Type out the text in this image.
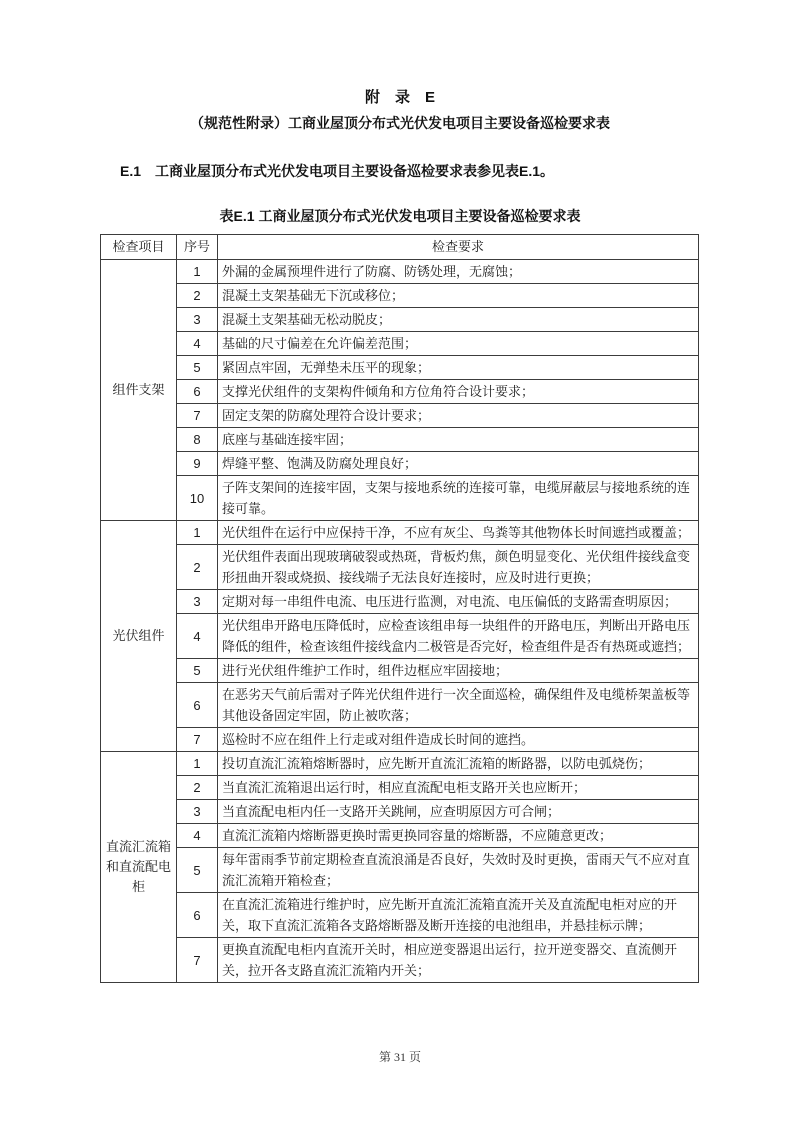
附　录　E
（规范性附录）工商业屋顶分布式光伏发电项目主要设备巡检要求表

E.1 工商业屋顶分布式光伏发电项目主要设备巡检要求表参见表E.1。

表E.1 工商业屋顶分布式光伏发电项目主要设备巡检要求表
检查项目	序号	检查要求
组件支架	1	外漏的金属预埋件进行了防腐、防锈处理，无腐蚀；
	2	混凝土支架基础无下沉或移位；
	3	混凝土支架基础无松动脱皮；
	4	基础的尺寸偏差在允许偏差范围；
	5	紧固点牢固，无弹垫未压平的现象；
	6	支撑光伏组件的支架构件倾角和方位角符合设计要求；
	7	固定支架的防腐处理符合设计要求；
	8	底座与基础连接牢固；
	9	焊缝平整、饱满及防腐处理良好；
	10	子阵支架间的连接牢固，支架与接地系统的连接可靠，电缆屏蔽层与接地系统的连接可靠。
光伏组件	1	光伏组件在运行中应保持干净，不应有灰尘、鸟粪等其他物体长时间遮挡或覆盖；
	2	光伏组件表面出现玻璃破裂或热斑，背板灼焦，颜色明显变化、光伏组件接线盒变形扭曲开裂或烧损、接线端子无法良好连接时，应及时进行更换；
	3	定期对每一串组件电流、电压进行监测，对电流、电压偏低的支路需查明原因；
	4	光伏组串开路电压降低时，应检查该组串每一块组件的开路电压，判断出开路电压降低的组件，检查该组件接线盒内二极管是否完好，检查组件是否有热斑或遮挡；
	5	进行光伏组件维护工作时，组件边框应牢固接地；
	6	在恶劣天气前后需对子阵光伏组件进行一次全面巡检，确保组件及电缆桥架盖板等其他设备固定牢固，防止被吹落；
	7	巡检时不应在组件上行走或对组件造成长时间的遮挡。
直流汇流箱和直流配电柜	1	投切直流汇流箱熔断器时，应先断开直流汇流箱的断路器，以防电弧烧伤；
	2	当直流汇流箱退出运行时，相应直流配电柜支路开关也应断开；
	3	当直流配电柜内任一支路开关跳闸，应查明原因方可合闸；
	4	直流汇流箱内熔断器更换时需更换同容量的熔断器，不应随意更改；
	5	每年雷雨季节前定期检查直流浪涌是否良好，失效时及时更换，雷雨天气不应对直流汇流箱开箱检查；
	6	在直流汇流箱进行维护时，应先断开直流汇流箱直流开关及直流配电柜对应的开关，取下直流汇流箱各支路熔断器及断开连接的电池组串，并悬挂标示牌；
	7	更换直流配电柜内直流开关时，相应逆变器退出运行，拉开逆变器交、直流侧开关，拉开各支路直流汇流箱内开关；
第 31 页
